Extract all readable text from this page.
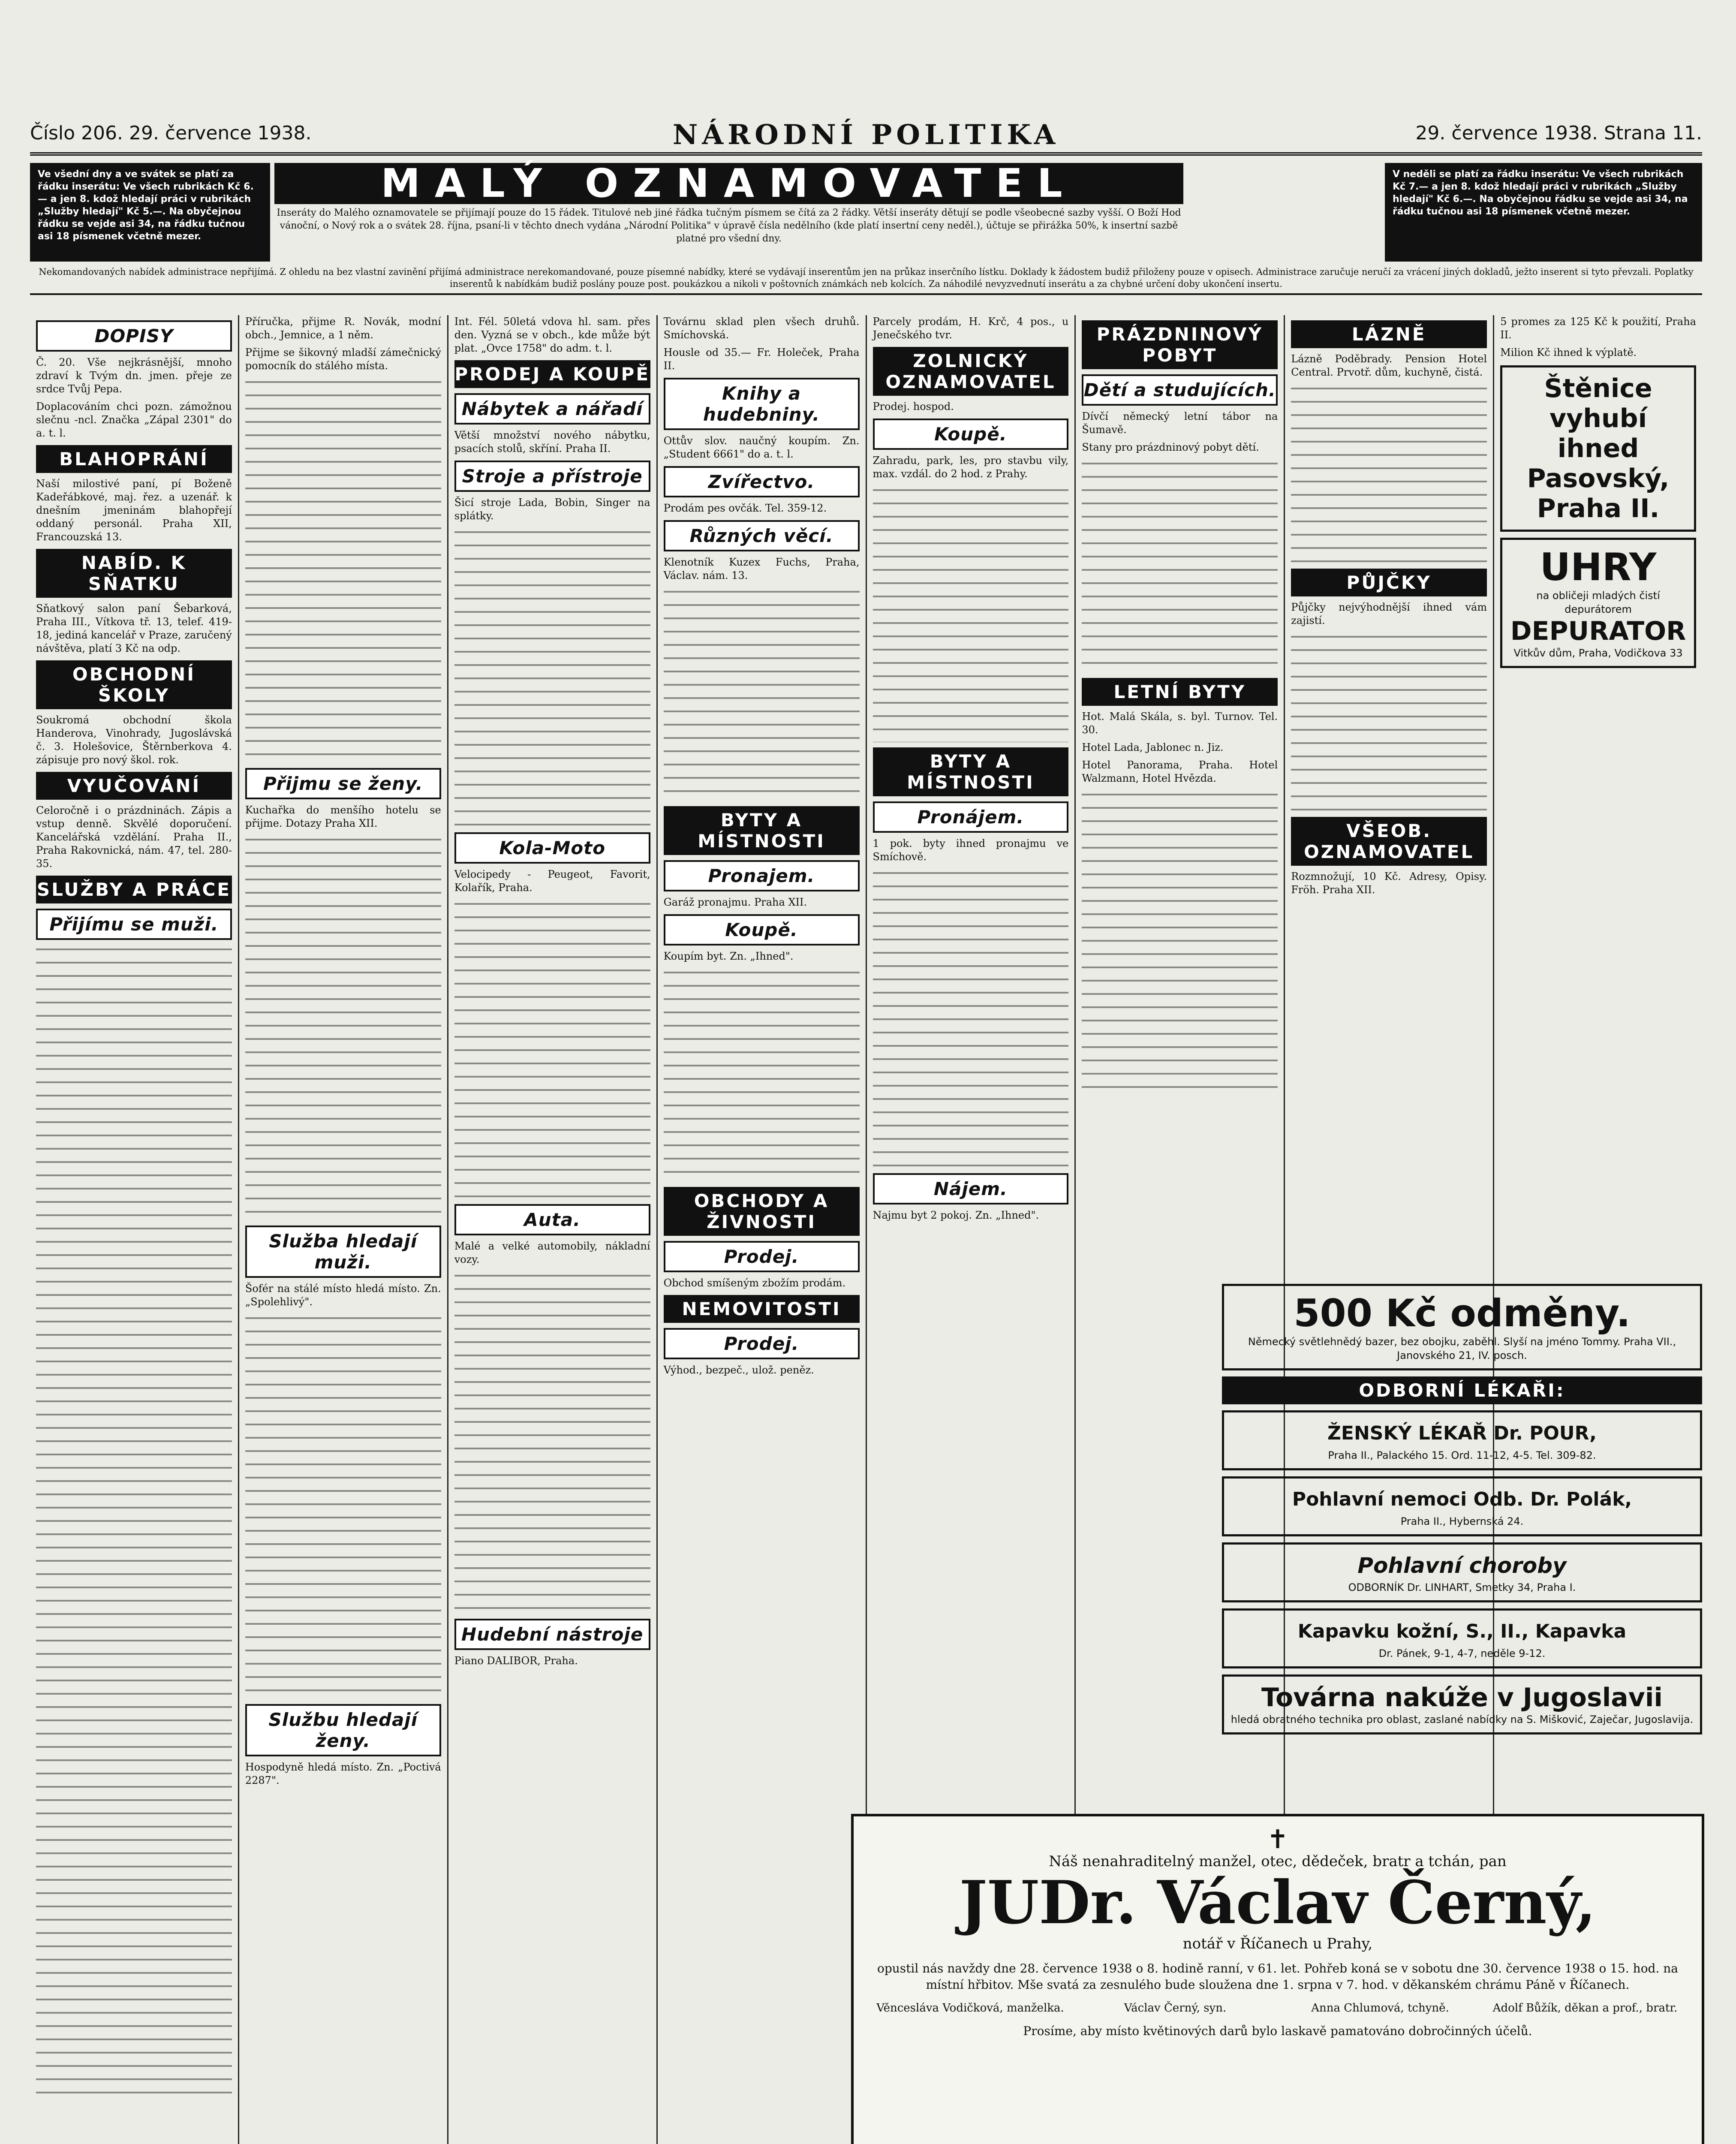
Číslo 206. 29. července 1938.	NÁRODNÍ POLITIKA	29. července 1938. Strana 11.
Ve všední dny a ve svátek se platí za řádku inserátu: Ve všech rubrikách Kč 6.— a jen 8. kdož hledají práci v rubrikách „Služby hledají" Kč 5.—. Na obyčejnou řádku se vejde asi 34, na řádku tučnou asi 18 písmenek včetně mezer.
MALÝ OZNAMOVATEL
Inseráty do Malého oznamovatele se přijímají pouze do 15 řádek. Titulové neb jiné řádka tučným písmem se čítá za 2 řádky. Větší inseráty dětují se podle všeobecné sazby vyšší. O Boží Hod vánoční, o Nový rok a o svátek 28. října, psaní-li v těchto dnech vydána „Národní Politika" v úpravě čísla nedělního (kde platí insertní ceny neděl.), účtuje se přirážka 50%, k insertní sazbě platné pro všední dny.
V neděli se platí za řádku inserátu: Ve všech rubrikách Kč 7.— a jen 8. kdož hledají práci v rubrikách „Služby hledají" Kč 6.—. Na obyčejnou řádku se vejde asi 34, na řádku tučnou asi 18 písmenek včetně mezer.
Nekomandovaných nabídek administrace nepřijímá. Z ohledu na bez vlastní zavinění přijímá administrace nerekomandované, pouze písemné nabídky, které se vydávají inserentům jen na průkaz inserčního lístku. Doklady k žádostem budiž přiloženy pouze v opisech. Administrace zaručuje neručí za vrácení jiných dokladů, ježto inserent si tyto převzali. Poplatky inserentů k nabídkám budiž poslány pouze post. poukázkou a nikoli v poštovních známkách neb kolcích. Za náhodilé nevyzvednutí inserátu a za chybné určení doby ukončení insertu.
DOPISY

Č. 20. Vše nejkrásnější, mnoho zdraví k Tvým dn. jmen. přeje ze srdce Tvůj Pepa.

Doplacováním chci pozn. zámožnou slečnu -ncl. Značka „Zápal 2301" do a. t. l.

BLAHOPRÁNÍ

Naší milostivé paní, pí Boženě Kadeřábkové, maj. řez. a uzenář. k dnešním jmeninám blahopřejí oddaný personál. Praha XII, Francouzská 13.

NABÍD. K SŇATKU

Sňatkový salon paní Šebarková, Praha III., Vítkova tř. 13, telef. 419-18, jediná kancelář v Praze, zaručený návštěva, platí 3 Kč na odp.

OBCHODNÍ ŠKOLY

Soukromá obchodní škola Handerova, Vinohrady, Jugoslávská č. 3. Holešovice, Štěrnberkova 4. zápisuje pro nový škol. rok.

VYUČOVÁNÍ

Celoročně i o prázdninách. Zápis a vstup denně. Skvělé doporučení. Kancelářská vzdělání. Praha II., Praha Rakovnická, nám. 47, tel. 280-35.

SLUŽBY A PRÁCE
Přijímu se muži.

Příručka, přijme R. Novák, modní obch., Jemnice, a 1 něm.

Přijme se šikovný mladší zámečnický pomocník do stálého místa.

Přijmu se ženy.

Kuchařka do menšího hotelu se přijme. Dotazy Praha XII.

Služba hledají muži.

Šofér na stálé místo hledá místo. Zn. „Spolehlivý".

Službu hledají ženy.

Hospodyně hledá místo. Zn. „Poctivá 2287".

Int. Fél. 50letá vdova hl. sam. přes den. Vyzná se v obch., kde může být plat. „Ovce 1758" do adm. t. l.

PRODEJ A KOUPĚ
Nábytek a nářadí

Větší množství nového nábytku, psacích stolů, skříní. Praha II.

Stroje a přístroje

Šicí stroje Lada, Bobin, Singer na splátky.

Kola-Moto

Velocipedy - Peugeot, Favorit, Kolařík, Praha.

Auta.

Malé a velké automobily, nákladní vozy.

Hudební nástroje

Piano DALIBOR, Praha.

Továrnu sklad plen všech druhů. Smíchovská.

Housle od 35.— Fr. Holeček, Praha II.

Knihy a hudebniny.

Ottův slov. naučný koupím. Zn. „Student 6661" do a. t. l.

Zvířectvo.

Prodám pes ovčák. Tel. 359-12.

Různých věcí.

Klenotník Kuzex Fuchs, Praha, Václav. nám. 13.

BYTY A MÍSTNOSTI
Pronajem.

Garáž pronajmu. Praha XII.

Koupě.

Koupím byt. Zn. „Ihned".

OBCHODY A ŽIVNOSTI
Prodej.

Obchod smíšeným zbožím prodám.

NEMOVITOSTI
Prodej.

Výhod., bezpeč., ulož. peněz.

Parcely prodám, H. Krč, 4 pos., u Jenečského tvr.

ZOLNICKÝ OZNAMOVATEL

Prodej. hospod.

Koupě.

Zahradu, park, les, pro stavbu vily, max. vzdál. do 2 hod. z Prahy.

BYTY A MÍSTNOSTI
Pronájem.

1 pok. byty ihned pronajmu ve Smíchově.

Nájem.

Najmu byt 2 pokoj. Zn. „Ihned".

PRÁZDNINOVÝ POBYT
Dětí a studujících.

Dívčí německý letní tábor na Šumavě.

Stany pro prázdninový pobyt dětí.

LETNÍ BYTY

Hot. Malá Skála, s. byl. Turnov. Tel. 30.

Hotel Lada, Jablonec n. Jiz.

Hotel Panorama, Praha. Hotel Walzmann, Hotel Hvězda.

LÁZNĚ

Lázně Poděbrady. Pension Hotel Central. Prvotř. dům, kuchyně, čistá.

PŮJČKY

Půjčky nejvýhodnější ihned vám zajistí.

VŠEOB. OZNAMOVATEL

Rozmnožují, 10 Kč. Adresy, Opisy. Fröh. Praha XII.

5 promes za 125 Kč k použití, Praha II.

Milion Kč ihned k výplatě.

Štěnice vyhubí ihned Pasovský, Praha II.
UHRY
na obličeji mladých čistí depurátorem
DEPURATOR
Vitkův dům, Praha, Vodičkova 33
500 Kč odměny.
Německý světlehnědý bazer, bez obojku, zaběhl. Slyší na jméno Tommy. Praha VII., Janovského 21, IV. posch.
ODBORNÍ LÉKAŘI:
ŽENSKÝ LÉKAŘ Dr. POUR,
Praha II., Palackého 15. Ord. 11-12, 4-5. Tel. 309-82.
Pohlavní nemoci Odb. Dr. Polák,
Praha II., Hybernská 24.
Pohlavní choroby
ODBORNÍK Dr. LINHART, Smetky 34, Praha I.
Kapavku kožní, S., II., Kapavka
Dr. Pánek, 9-1, 4-7, neděle 9-12.
Továrna nakúže v Jugoslavii
hledá obratného technika pro oblast, zaslané nabídky na S. Mišković, Zaječar, Jugoslavija.
✝
Náš nenahraditelný manžel, otec, dědeček, bratr a tchán, pan
JUDr. Václav Černý,
notář v Říčanech u Prahy,
opustil nás navždy dne 28. července 1938 o 8. hodině ranní, v 61. let. Pohřeb koná se v sobotu dne 30. července 1938 o 15. hod. na místní hřbitov. Mše svatá za zesnulého bude sloužena dne 1. srpna v 7. hod. v děkanském chrámu Páně v Říčanech.
Věncesláva Vodičková, manželka.	Václav Černý, syn.	Anna Chlumová, tchyně.	Adolf Bůžík, děkan a prof., bratr.
Prosíme, aby místo květinových darů bylo laskavě pamatováno dobročinných účelů.
